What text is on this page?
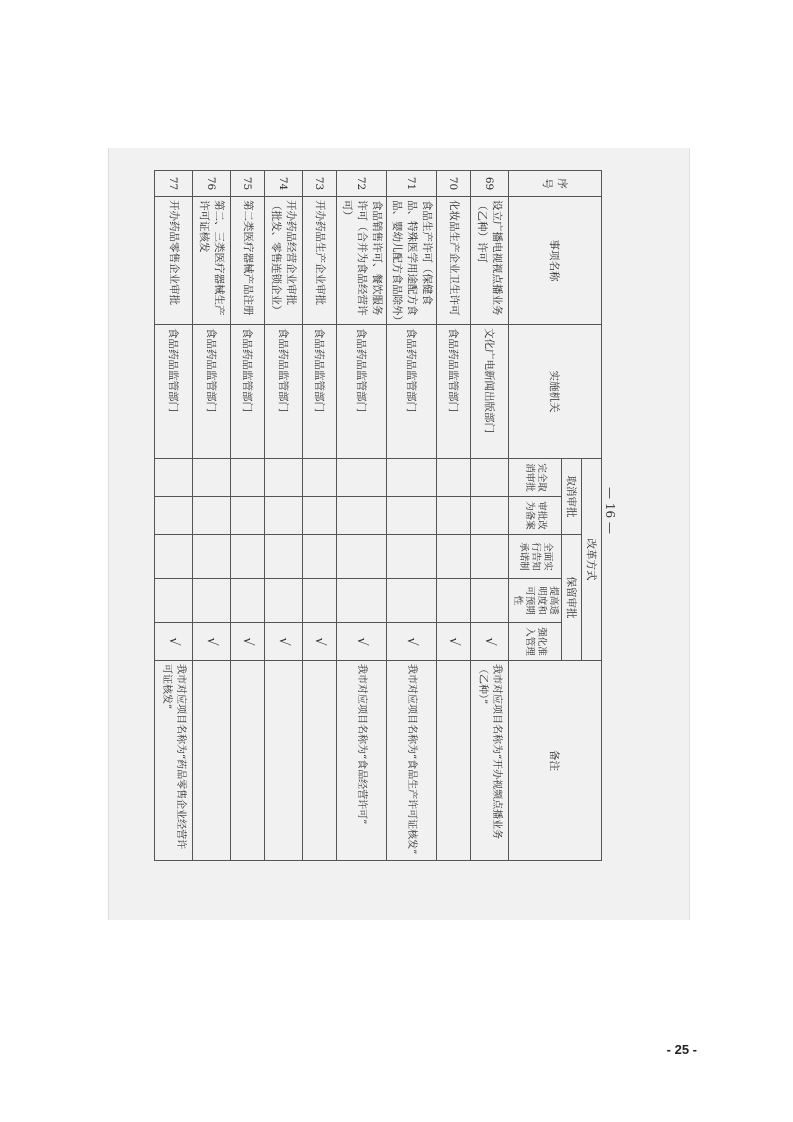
序号	事项名称	实施机关	改革方式					备注
			取消审批		保留审批			
			完全取消审批	审批改为备案	全面实行告知承诺制	提高透明度和可预期性	强化准入管理	
69	设立广播电视视点播业务（乙种）许可	文化广电新闻出版部门					√	我市对应项目名称为“开办视频点播业务（乙种）”
70	化妆品生产企业卫生许可	食品药品监管部门					√	
71	食品生产许可（保健食品、特殊医学用途配方食品、婴幼儿配方食品除外）	食品药品监管部门					√	我市对应项目名称为“食品生产许可证核发”
72	食品销售许可、餐饮服务许可（合并为食品经营许可）	食品药品监管部门					√	我市对应项目名称为“食品经营许可”
73	开办药品生产企业审批	食品药品监管部门					√	
74	开办药品经营企业审批（批发、零售连锁企业）	食品药品监管部门					√	
75	第二类医疗器械产品注册	食品药品监管部门					√	
76	第二、三类医疗器械生产许可证核发	食品药品监管部门					√	
77	开办药品零售企业审批	食品药品监管部门					√	我市对应项目名称为“药品零售企业经营许可证核发”
— 16 —
- 25 -
